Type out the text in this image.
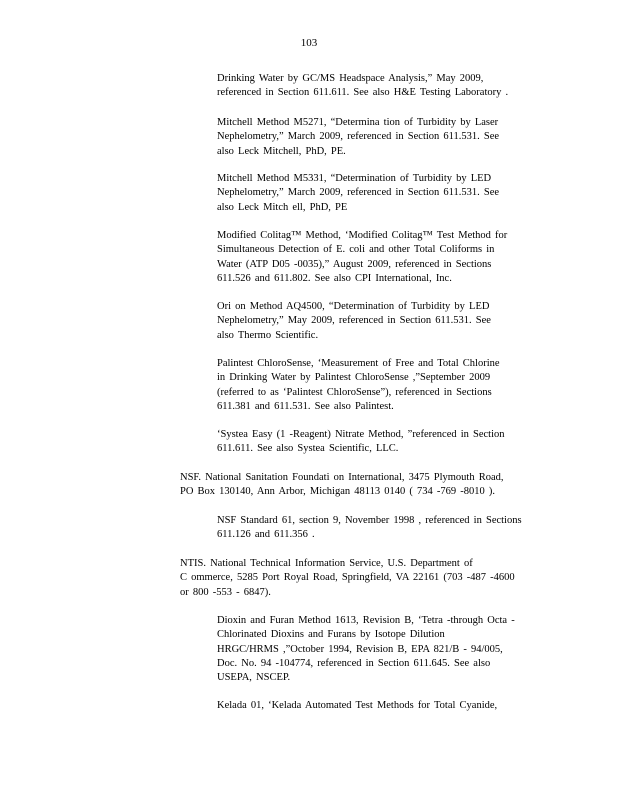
103
Drinking Water by GC/MS Headspace Analysis,” May 2009,
referenced in Section 611.611. See also H&E Testing Laboratory .
Mitchell Method M5271, “Determina tion of Turbidity by Laser
Nephelometry,” March 2009, referenced in Section 611.531. See
also Leck Mitchell, PhD, PE.
Mitchell Method M5331, “Determination of Turbidity by LED
Nephelometry,” March 2009, referenced in Section 611.531. See
also Leck Mitch ell, PhD, PE
Modified Colitag™ Method, ‘Modified Colitag™ Test Method for
Simultaneous Detection of E. coli and other Total Coliforms in
Water (ATP D05 -0035),” August 2009, referenced in Sections
611.526 and 611.802. See also CPI International, Inc.
Ori on Method AQ4500, “Determination of Turbidity by LED
Nephelometry,” May 2009, referenced in Section 611.531. See
also Thermo Scientific.
Palintest ChloroSense, ‘Measurement of Free and Total Chlorine
in Drinking Water by Palintest ChloroSense ,”September 2009
(referred to as ‘Palintest ChloroSense”), referenced in Sections
611.381 and 611.531. See also Palintest.
‘Systea Easy (1 -Reagent) Nitrate Method, ”referenced in Section
611.611. See also Systea Scientific, LLC.
NSF. National Sanitation Foundati on International, 3475 Plymouth Road,
PO Box 130140, Ann Arbor, Michigan 48113 0140 ( 734 -769 -8010 ).
NSF Standard 61, section 9, November 1998 , referenced in Sections
611.126 and 611.356 .
NTIS. National Technical Information Service, U.S. Department of
C ommerce, 5285 Port Royal Road, Springfield, VA 22161 (703 -487 -4600
or 800 -553 - 6847).
Dioxin and Furan Method 1613, Revision B, ‘Tetra -through Octa -
Chlorinated Dioxins and Furans by Isotope Dilution
HRGC/HRMS ,”October 1994, Revision B, EPA 821/B - 94/005,
Doc. No. 94 -104774, referenced in Section 611.645. See also
USEPA, NSCEP.
Kelada 01, ‘Kelada Automated Test Methods for Total Cyanide,
